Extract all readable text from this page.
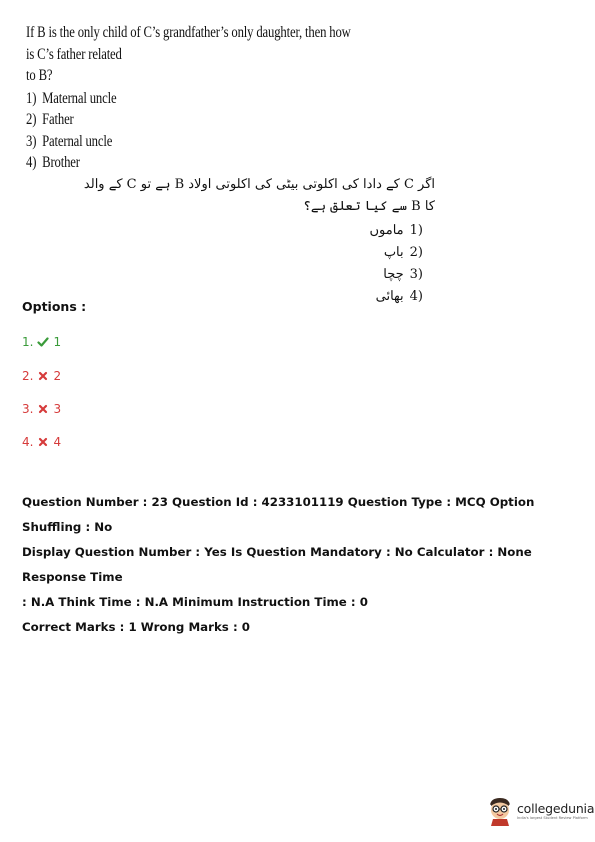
If B is the only child of C’s grandfather’s only daughter, then how is C’s father related
to B?
1)
Maternal uncle
2)
Father
3)
Paternal uncle
4)
Brother
اگر C کے دادا کی اکلوتی بیٹی کی اکلوتی اولاد B ہے تو C کے والد کا B سے کیا تعلق ہے؟
(1
ماموں
(2
باپ
(3
چچا
(4
بھائی
Options :
1. 1
2. 2
3. 3
4. 4

Question Number : 23 Question Id : 4233101119 Question Type : MCQ Option Shuffling : No

Display Question Number : Yes Is Question Mandatory : No Calculator : None Response Time

: N.A Think Time : N.A Minimum Instruction Time : 0

Correct Marks : 1 Wrong Marks : 0

collegedunia
India's largest Student Review Platform
